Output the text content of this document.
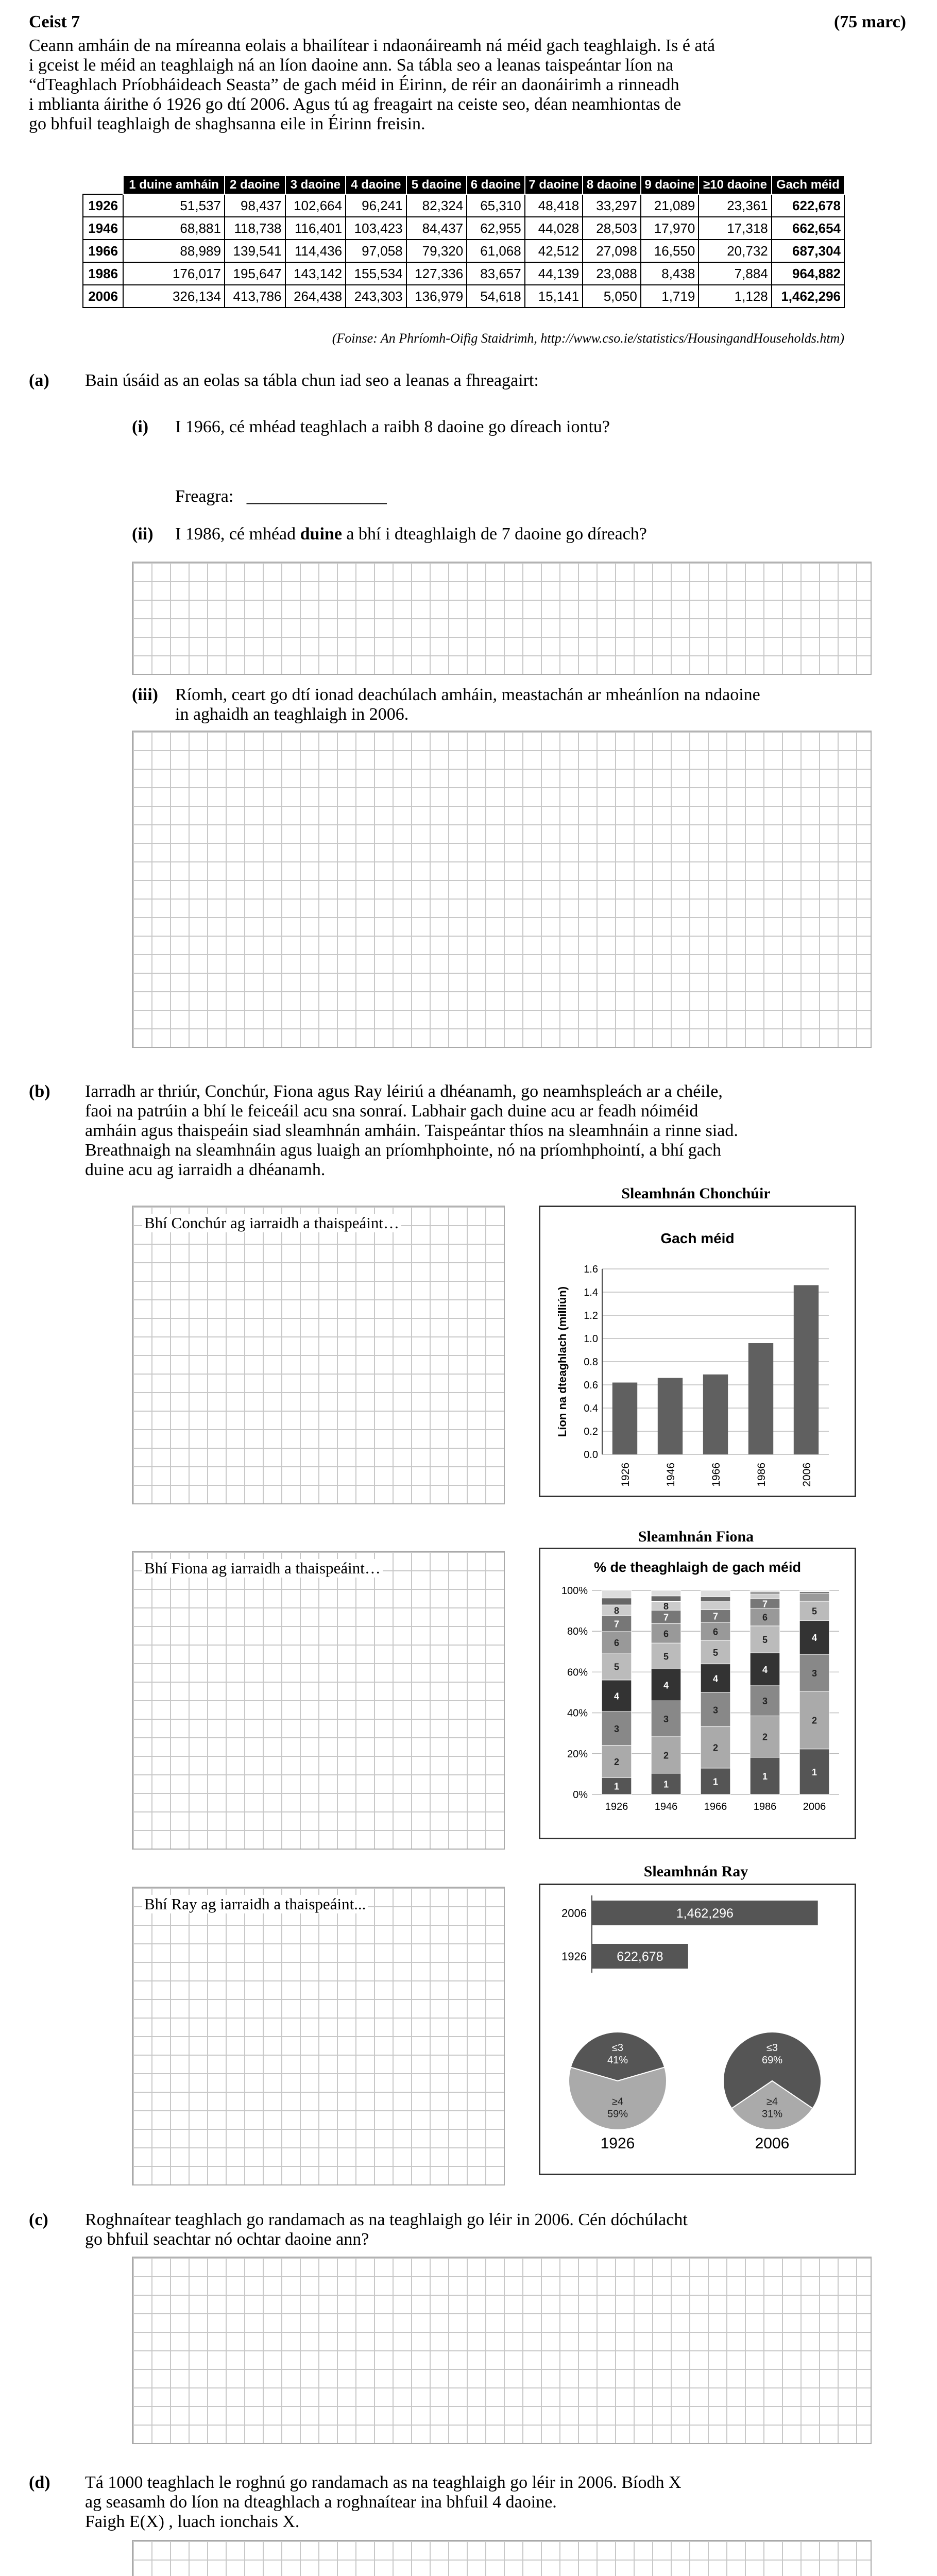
Ceist 7	(75 marc)
Ceann amháin de na míreanna eolais a bhailítear i ndaonáireamh ná méid gach teaghlaigh. Is é atá
i gceist le méid an teaghlaigh ná an líon daoine ann. Sa tábla seo a leanas taispeántar líon na
“dTeaghlach Príobháideach Seasta” de gach méid in Éirinn, de réir an daonáirimh a rinneadh
i mblianta áirithe ó 1926 go dtí 2006. Agus tú ag freagairt na ceiste seo, déan neamhiontas de
go bhfuil teaghlaigh de shaghsanna eile in Éirinn freisin.
	1 duine amháin	2 daoine	3 daoine	4 daoine	5 daoine	6 daoine	7 daoine	8 daoine	9 daoine	≥10 daoine	Gach méid
1926	51,537	98,437	102,664	96,241	82,324	65,310	48,418	33,297	21,089	23,361	622,678
1946	68,881	118,738	116,401	103,423	84,437	62,955	44,028	28,503	17,970	17,318	662,654
1966	88,989	139,541	114,436	97,058	79,320	61,068	42,512	27,098	16,550	20,732	687,304
1986	176,017	195,647	143,142	155,534	127,336	83,657	44,139	23,088	8,438	7,884	964,882
2006	326,134	413,786	264,438	243,303	136,979	54,618	15,141	5,050	1,719	1,128	1,462,296
(Foinse: An Phríomh-Oifig Staidrimh, http://www.cso.ie/statistics/HousingandHouseholds.htm)
(a) Bain úsáid as an eolas sa tábla chun iad seo a leanas a fhreagairt:
(i) I 1966, cé mhéad teaghlach a raibh 8 daoine go díreach iontu?
Freagra: ________________
(ii) I 1986, cé mhéad duine a bhí i dteaghlaigh de 7 daoine go díreach?
(iii) Ríomh, ceart go dtí ionad deachúlach amháin, meastachán ar mheánlíon na ndaoine
in aghaidh an teaghlaigh in 2006.
(b) Iarradh ar thriúr, Conchúr, Fiona agus Ray léiriú a dhéanamh, go neamhspleách ar a chéile,
faoi na patrúin a bhí le feiceáil acu sna sonraí. Labhair gach duine acu ar feadh nóiméid
amháin agus thaispeáin siad sleamhnán amháin. Taispeántar thíos na sleamhnáin a rinne siad.
Breathnaigh na sleamhnáin agus luaigh an príomhphointe, nó na príomhphointí, a bhí gach
duine acu ag iarraidh a dhéanamh.
Bhí Conchúr ag iarraidh a thaispeáint…
Sleamhnán Chonchúir
Gach méid
0.0
0.2
0.4
0.6
0.8
1.0
1.2
1.4
1.6
1926	1946	1966	1986	2006
Líon na dteaghlach (milliún)
Bhí Fiona ag iarraidh a thaispeáint…
Sleamhnán Fiona
% de theaghlaigh de gach méid
0%
20%
40%
60%
80%
100%
1
2
3
4
5
6
7
8
1926
1
2
3
4
5
6
7
8
1946
1
2
3
4
5
6
7
1966
1
2
3
4
5
6
7
1986
1
2
3
4
5
2006
Bhí Ray ag iarraidh a thaispeáint...
Sleamhnán Ray
2006	1,462,296
1926 622,678
≤3
41%
≥4
59%
1926
≤3
69%
≥4
31%
2006
(c) Roghnaítear teaghlach go randamach as na teaghlaigh go léir in 2006. Cén dóchúlacht
go bhfuil seachtar nó ochtar daoine ann?
(d) Tá 1000 teaghlach le roghnú go randamach as na teaghlaigh go léir in 2006. Bíodh X
ag seasamh do líon na dteaghlach a roghnaítear ina bhfuil 4 daoine.
Faigh E(X) , luach ionchais X.
